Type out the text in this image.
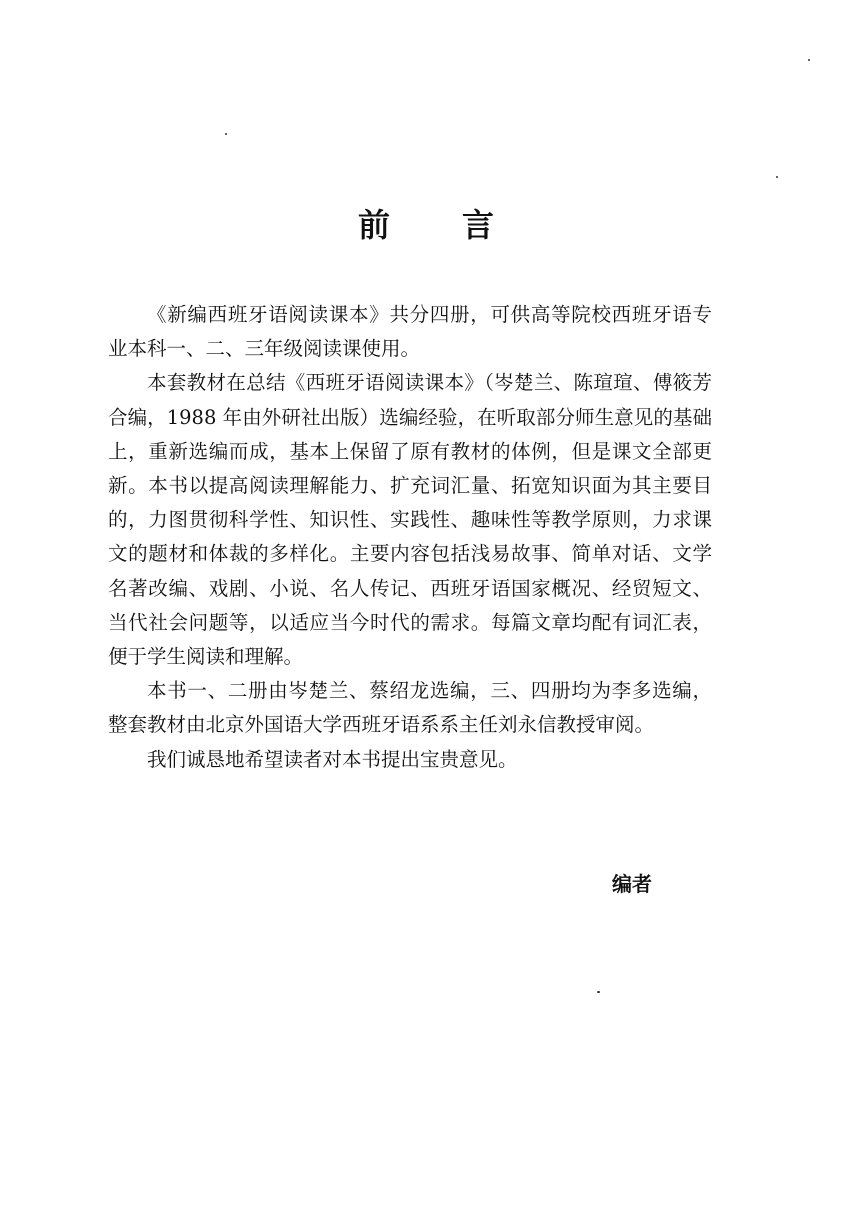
前 言

《新编西班牙语阅读课本》共分四册，可供高等院校西班牙语专业本科一、二、三年级阅读课使用。

本套教材在总结《西班牙语阅读课本》（岑楚兰、陈瑄瑄、傅筱芳合编，1988 年由外研社出版）选编经验，在听取部分师生意见的基础上，重新选编而成，基本上保留了原有教材的体例，但是课文全部更新。本书以提高阅读理解能力、扩充词汇量、拓宽知识面为其主要目的，力图贯彻科学性、知识性、实践性、趣味性等教学原则，力求课文的题材和体裁的多样化。主要内容包括浅易故事、简单对话、文学名著改编、戏剧、小说、名人传记、西班牙语国家概况、经贸短文、当代社会问题等，以适应当今时代的需求。每篇文章均配有词汇表，便于学生阅读和理解。

本书一、二册由岑楚兰、蔡绍龙选编，三、四册均为李多选编，整套教材由北京外国语大学西班牙语系系主任刘永信教授审阅。

我们诚恳地希望读者对本书提出宝贵意见。

编者
